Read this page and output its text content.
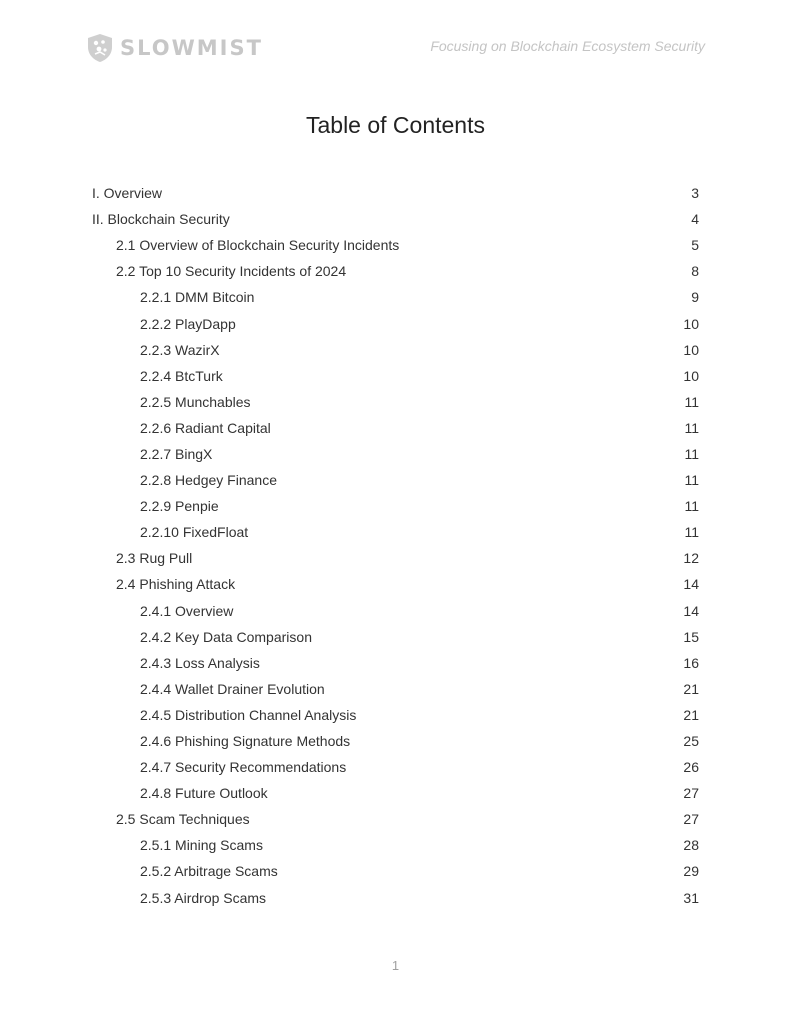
SLOWMIST	Focusing on Blockchain Ecosystem Security
Table of Contents
I. Overview	3
II. Blockchain Security	4
2.1 Overview of Blockchain Security Incidents	5
2.2 Top 10 Security Incidents of 2024	8
2.2.1 DMM Bitcoin	9
2.2.2 PlayDapp	10
2.2.3 WazirX	10
2.2.4 BtcTurk	10
2.2.5 Munchables	11
2.2.6 Radiant Capital	11
2.2.7 BingX	11
2.2.8 Hedgey Finance	11
2.2.9 Penpie	11
2.2.10 FixedFloat	11
2.3 Rug Pull	12
2.4 Phishing Attack	14
2.4.1 Overview	14
2.4.2 Key Data Comparison	15
2.4.3 Loss Analysis	16
2.4.4 Wallet Drainer Evolution	21
2.4.5 Distribution Channel Analysis	21
2.4.6 Phishing Signature Methods	25
2.4.7 Security Recommendations	26
2.4.8 Future Outlook	27
2.5 Scam Techniques	27
2.5.1 Mining Scams	28
2.5.2 Arbitrage Scams	29
2.5.3 Airdrop Scams	31
1
